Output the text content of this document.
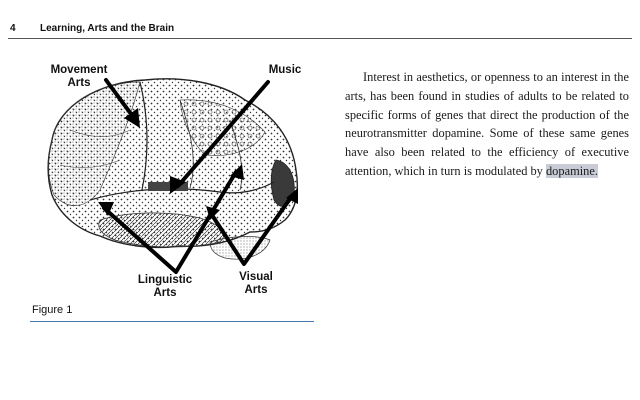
4 Learning, Arts and the Brain
Movement
Arts
Music
Linguistic
Arts
Visual
Arts
Figure 1

Interest in aesthetics, or openness to an interest in the arts, has been found in studies of adults to be related to specific forms of genes that direct the production of the neurotransmitter dopamine. Some of these same genes have also been related to the efficiency of executive attention, which in turn is modulated by dopamine.
